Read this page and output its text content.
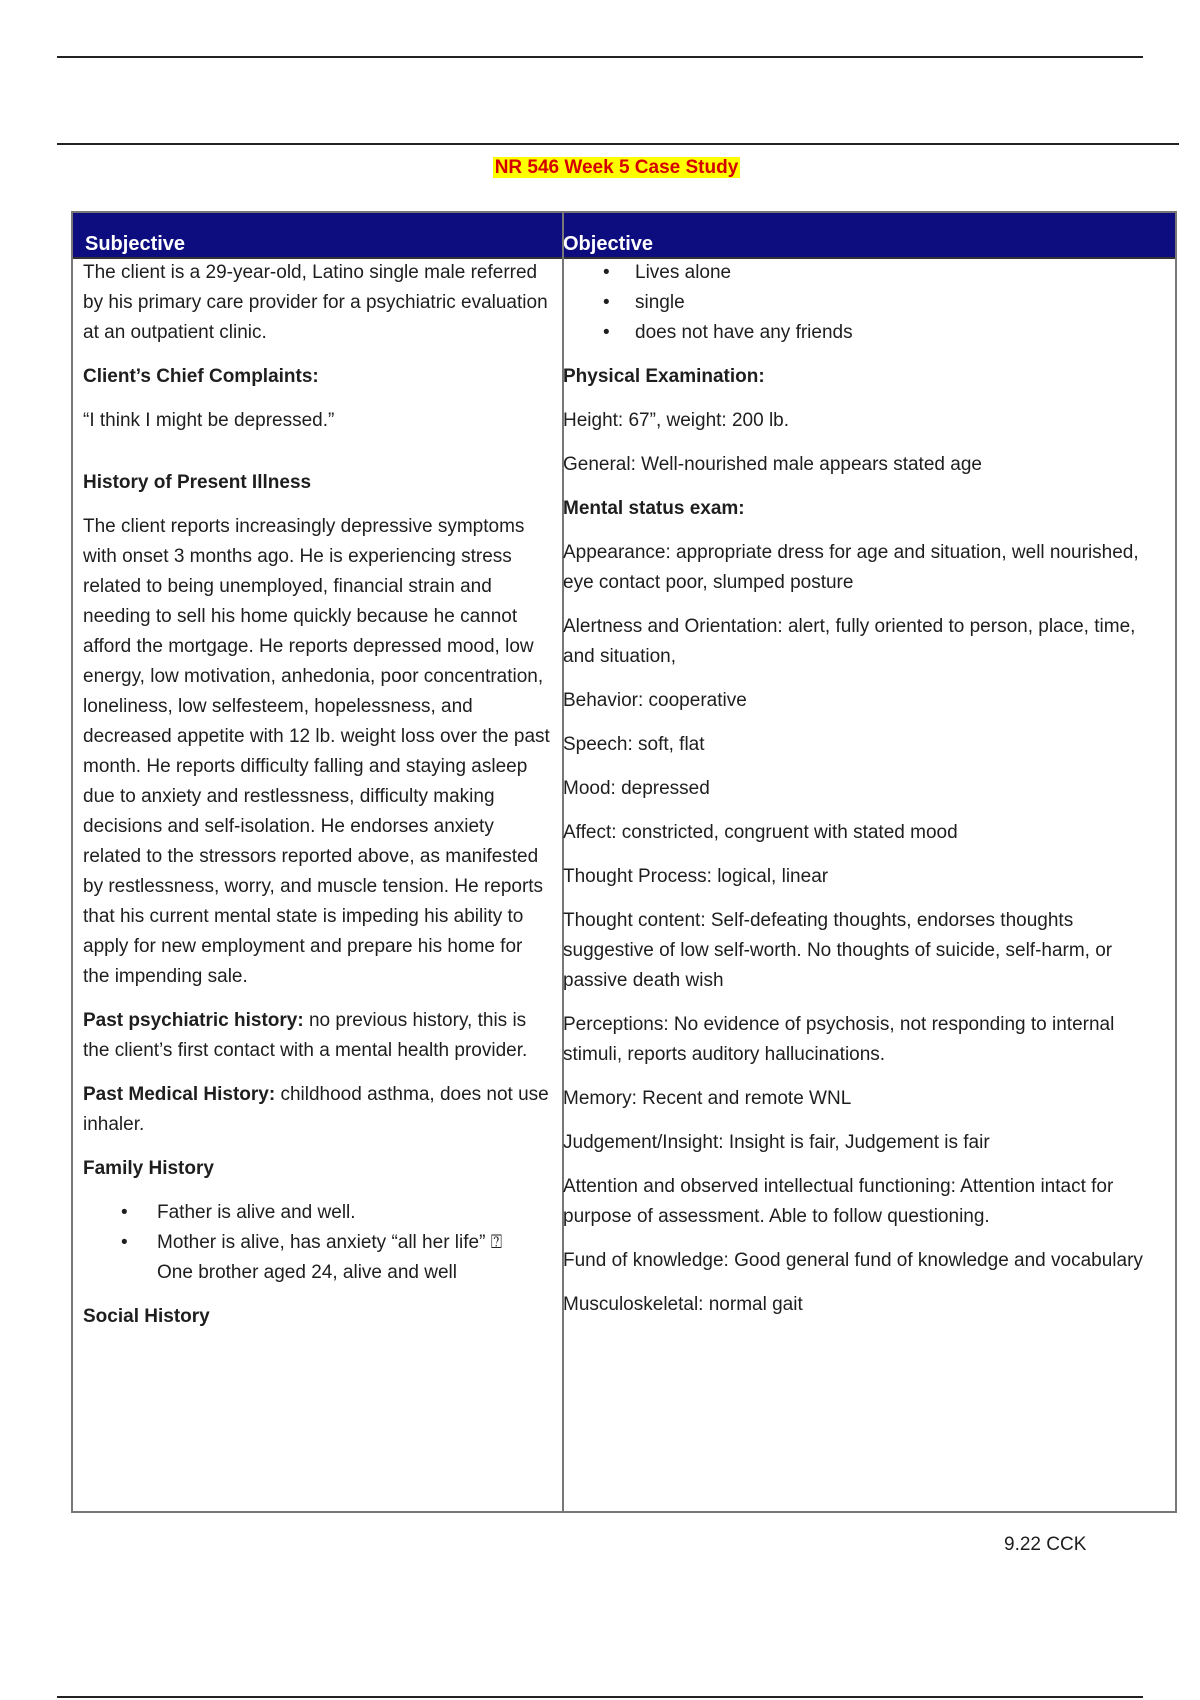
NR 546 Week 5 Case Study
Subjective	Objective

The client is a 29-year-old, Latino single male referred by his primary care provider for a psychiatric evaluation at an outpatient clinic.

Client’s Chief Complaints:

“I think I might be depressed.”

History of Present Illness

The client reports increasingly depressive symptoms with onset 3 months ago. He is experiencing stress related to being unemployed, financial strain and needing to sell his home quickly because he cannot afford the mortgage. He reports depressed mood, low energy, low motivation, anhedonia, poor concentration, loneliness, low selfesteem, hopelessness, and decreased appetite with 12 lb. weight loss over the past month. He reports difficulty falling and staying asleep due to anxiety and restlessness, difficulty making decisions and self-isolation. He endorses anxiety related to the stressors reported above, as manifested by restlessness, worry, and muscle tension. He reports that his current mental state is impeding his ability to apply for new employment and prepare his home for the impending sale.

Past psychiatric history: no previous history, this is the client’s first contact with a mental health provider.

Past Medical History: childhood asthma, does not use inhaler.

Family History

• Father is alive and well.
• Mother is alive, has anxiety “all her life” ⍰

One brother aged 24, alive and well

Social History

• Lives alone
• single
• does not have any friends

Physical Examination:

Height: 67”, weight: 200 lb.

General: Well-nourished male appears stated age

Mental status exam:

Appearance: appropriate dress for age and situation, well nourished, eye contact poor, slumped posture

Alertness and Orientation: alert, fully oriented to person, place, time, and situation,

Behavior: cooperative

Speech: soft, flat

Mood: depressed

Affect: constricted, congruent with stated mood

Thought Process: logical, linear

Thought content: Self-defeating thoughts, endorses thoughts suggestive of low self-worth. No thoughts of suicide, self-harm, or passive death wish

Perceptions: No evidence of psychosis, not responding to internal stimuli, reports auditory hallucinations.

Memory: Recent and remote WNL

Judgement/Insight: Insight is fair, Judgement is fair

Attention and observed intellectual functioning: Attention intact for purpose of assessment. Able to follow questioning.

Fund of knowledge: Good general fund of knowledge and vocabulary

Musculoskeletal: normal gait

9.22 CCK
